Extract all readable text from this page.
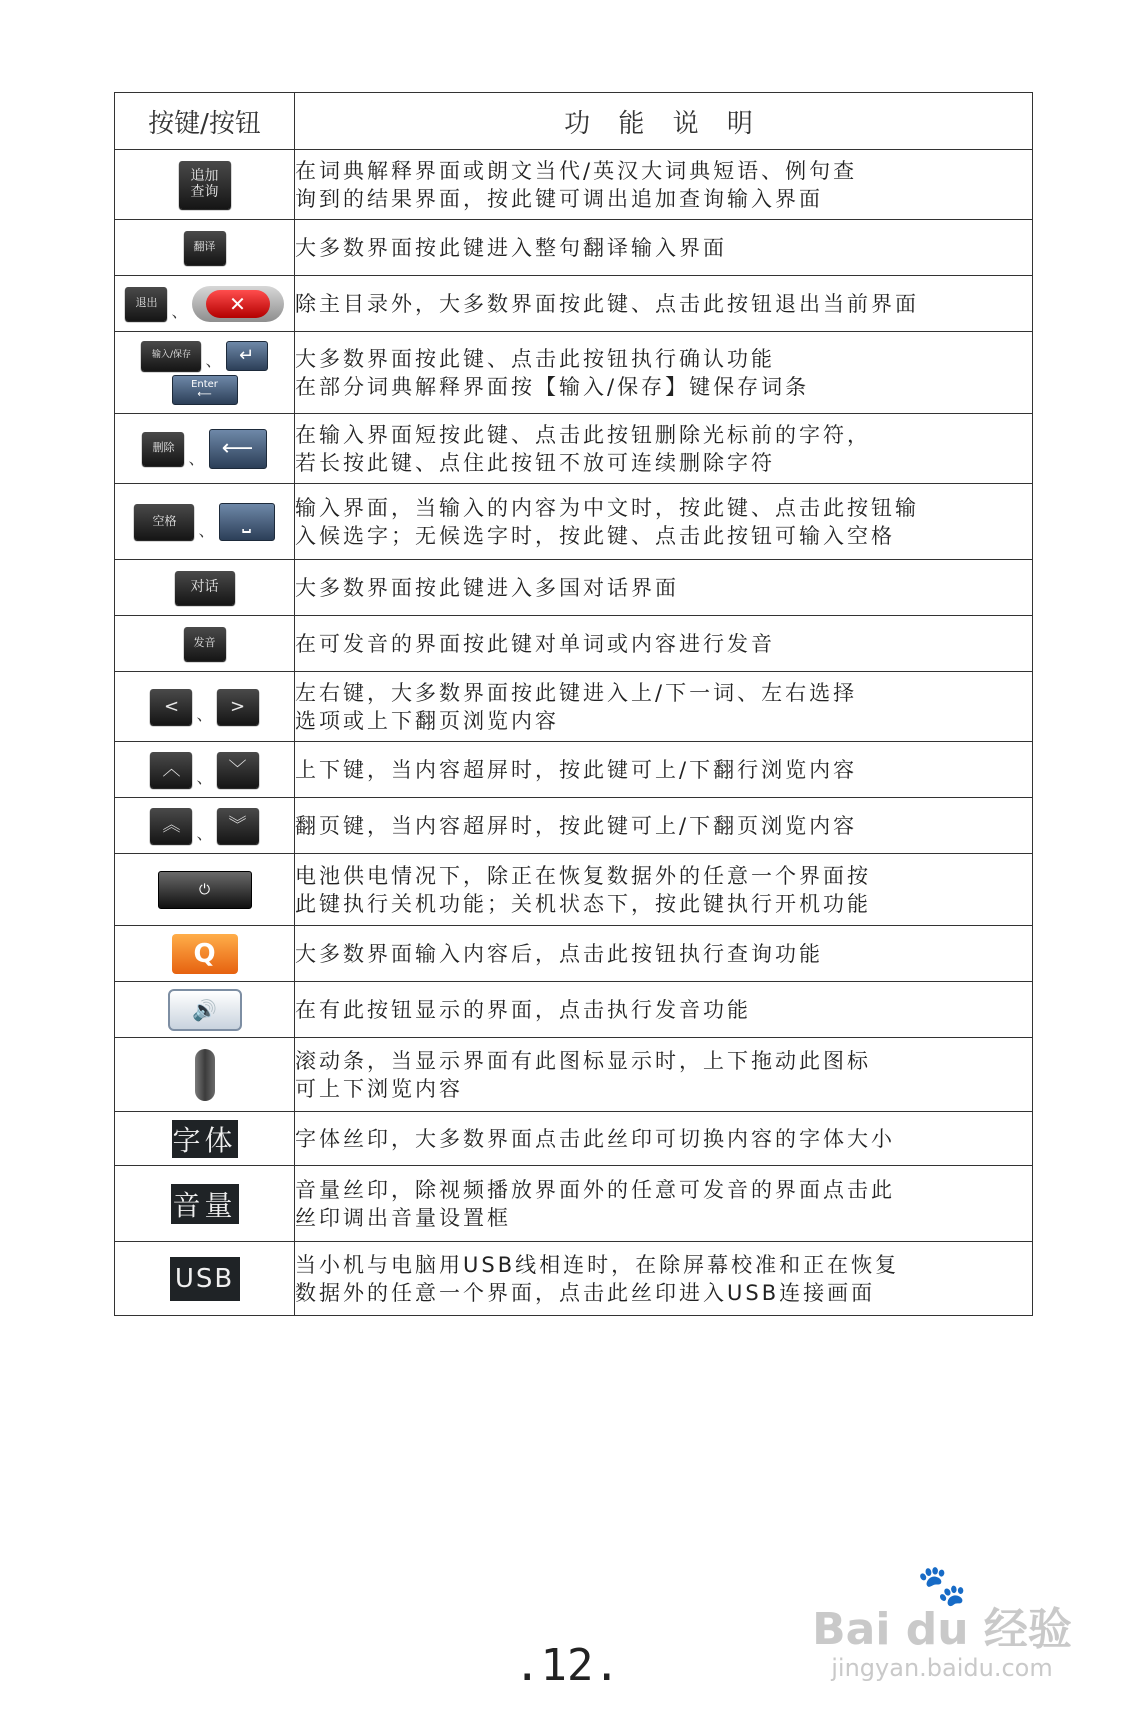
按键/按钮	功 能 说 明
追加
查询	在词典解释界面或朗文当代/英汉大词典短语、例句查
询到的结果界面，按此键可调出追加查询输入界面

翻译	大多数界面按此键进入整句翻译输入界面

退出 、 ✕	除主目录外，大多数界面按此键、点击此按钮退出当前界面

输入/保存 、 ↵
Enter
⟵	大多数界面按此键、点击此按钮执行确认功能
在部分词典解释界面按【输入/保存】键保存词条

删除、 ⟵	在输入界面短按此键、点击此按钮删除光标前的字符，
若长按此键、点住此按钮不放可连续删除字符

空格 、 ⎵	输入界面，当输入的内容为中文时，按此键、点击此按钮输
入候选字；无候选字时，按此键、点击此按钮可输入空格

对话	大多数界面按此键进入多国对话界面

发音	在可发音的界面按此键对单词或内容进行发音

< 、 >	左右键，大多数界面按此键进入上/下一词、左右选择
选项或上下翻页浏览内容

︿ 、 ﹀	上下键，当内容超屏时，按此键可上/下翻行浏览内容

︽ 、 ︾	翻页键，当内容超屏时，按此键可上/下翻页浏览内容

⏻	电池供电情况下，除正在恢复数据外的任意一个界面按
此键执行关机功能；关机状态下，按此键执行开机功能

Q	大多数界面输入内容后，点击此按钮执行查询功能

🔊	在有此按钮显示的界面，点击执行发音功能

	滚动条，当显示界面有此图标显示时，上下拖动此图标
可上下浏览内容

字体	字体丝印，大多数界面点击此丝印可切换内容的字体大小

音量	音量丝印，除视频播放界面外的任意可发音的界面点击此
丝印调出音量设置框

USB	当小机与电脑用USB线相连时，在除屏幕校准和正在恢复
数据外的任意一个界面，点击此丝印进入USB连接画面
.12.
🐾
Bai du 经验
jingyan.baidu.com
